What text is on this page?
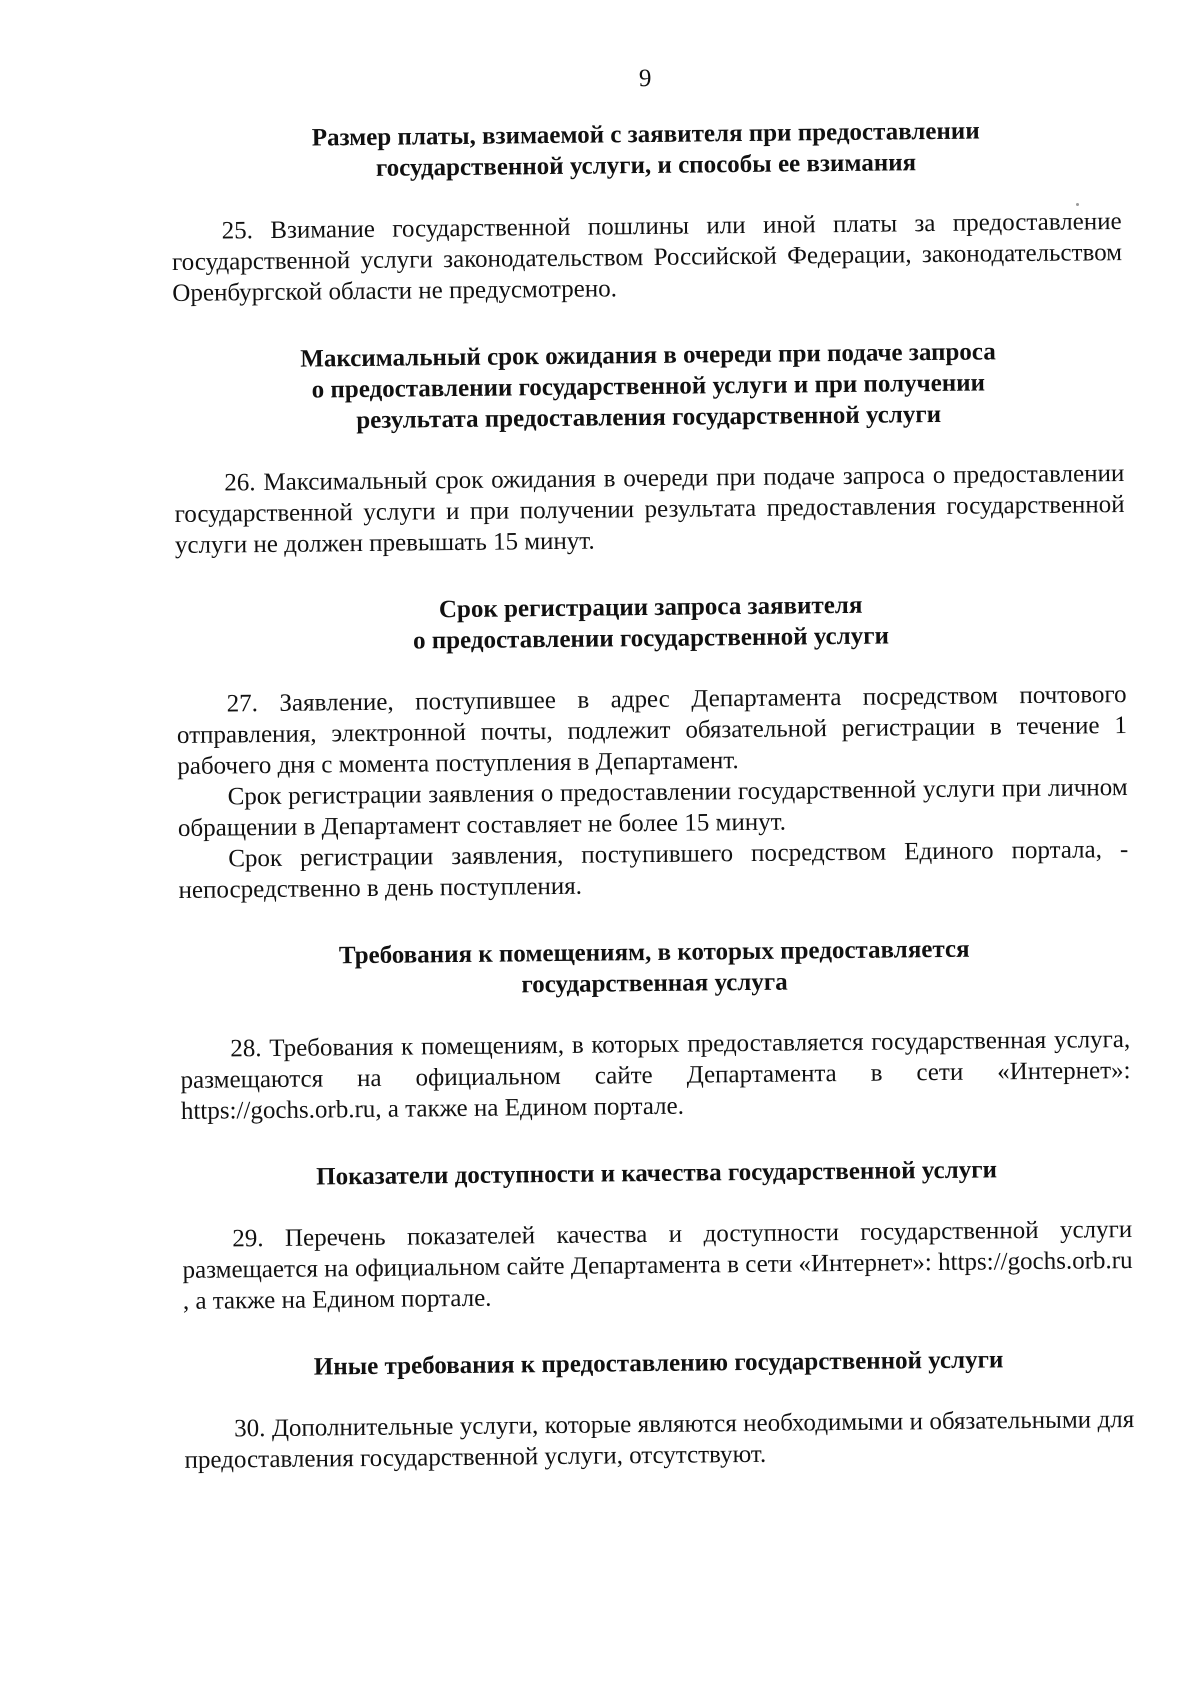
9
Размер платы, взимаемой с заявителя при предоставлении
государственной услуги, и способы ее взимания

25. Взимание государственной пошлины или иной платы за предоставление государственной услуги законодательством Российской Федерации, законодательством Оренбургской области не предусмотрено.

Максимальный срок ожидания в очереди при подаче запроса
о предоставлении государственной услуги и при получении
результата предоставления государственной услуги

26. Максимальный срок ожидания в очереди при подаче запроса о предоставлении государственной услуги и при получении результата предоставления государственной услуги не должен превышать 15 минут.

Срок регистрации запроса заявителя
о предоставлении государственной услуги

27. Заявление, поступившее в адрес Департамента посредством почтового отправления, электронной почты, подлежит обязательной регистрации в течение 1 рабочего дня с момента поступления в Департамент.

Срок регистрации заявления о предоставлении государственной услуги при личном обращении в Департамент составляет не более 15 минут.

Срок регистрации заявления, поступившего посредством Единого портала, - непосредственно в день поступления.

Требования к помещениям, в которых предоставляется
государственная услуга

28. Требования к помещениям, в которых предоставляется государственная услуга, размещаются на официальном сайте Департамента в сети «Интернет»: https://gochs.orb.ru, а также на Едином портале.

Показатели доступности и качества государственной услуги

29. Перечень показателей качества и доступности государственной услуги размещается на официальном сайте Департамента в сети «Интернет»: https://gochs.orb.ru , а также на Едином портале.

Иные требования к предоставлению государственной услуги

30. Дополнительные услуги, которые являются необходимыми и обязательными для предоставления государственной услуги, отсутствуют.
